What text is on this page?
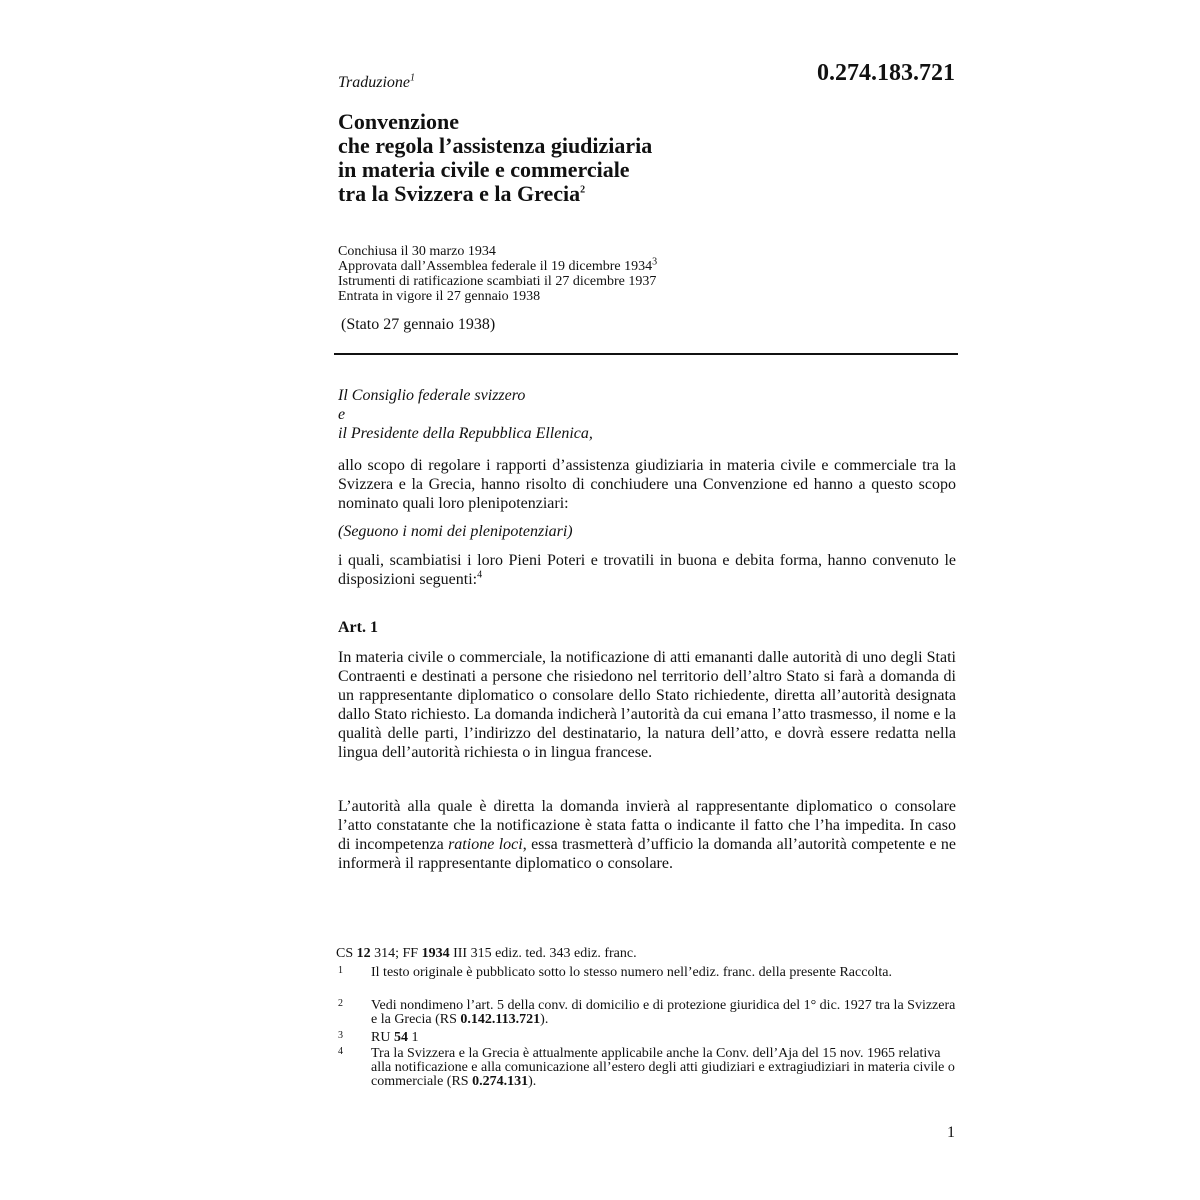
0.274.183.721
Traduzione$^1$
Convenzione
che regola l’assistenza giudiziaria
in materia civile e commerciale
tra la Svizzera e la Grecia$^2$
Conchiusa il 30 marzo 1934
Approvata dall’Assemblea federale il 19 dicembre 1934$^3$
Istrumenti di ratificazione scambiati il 27 dicembre 1937
Entrata in vigore il 27 gennaio 1938
(Stato 27 gennaio 1938)
Il Consiglio federale svizzero
e
il Presidente della Repubblica Ellenica,
allo scopo di regolare i rapporti d’assistenza giudiziaria in materia civile e commerciale tra la Svizzera e la Grecia, hanno risolto di conchiudere una Convenzione ed hanno a questo scopo nominato quali loro plenipotenziari:
(Seguono i nomi dei plenipotenziari)
i quali, scambiatisi i loro Pieni Poteri e trovatili in buona e debita forma, hanno convenuto le disposizioni seguenti:$^4$
Art. 1
In materia civile o commerciale, la notificazione di atti emananti dalle autorità di uno degli Stati Contraenti e destinati a persone che risiedono nel territorio dell’altro Stato si farà a domanda di un rappresentante diplomatico o consolare dello Stato richiedente, diretta all’autorità designata dallo Stato richiesto. La domanda indicherà l’autorità da cui emana l’atto trasmesso, il nome e la qualità delle parti, l’indirizzo del destinatario, la natura dell’atto, e dovrà essere redatta nella lingua dell’autorità richiesta o in lingua francese.
L’autorità alla quale è diretta la domanda invierà al rappresentante diplomatico o consolare l’atto constatante che la notificazione è stata fatta o indicante il fatto che l’ha impedita. In caso di incompetenza ratione loci, essa trasmetterà d’ufficio la domanda all’autorità competente e ne informerà il rappresentante diplomatico o consolare.
CS 12 314; FF 1934 III 315 ediz. ted. 343 ediz. franc.
1 Il testo originale è pubblicato sotto lo stesso numero nell’ediz. franc. della presente Raccolta.
2 Vedi nondimeno l’art. 5 della conv. di domicilio e di protezione giuridica del 1° dic. 1927 tra la Svizzera e la Grecia (RS 0.142.113.721).
3 RU 54 1
4 Tra la Svizzera e la Grecia è attualmente applicabile anche la Conv. dell’Aja del 15 nov. 1965 relativa alla notificazione e alla comunicazione all’estero degli atti giudiziari e extragiudiziari in materia civile o commerciale (RS 0.274.131).
1
